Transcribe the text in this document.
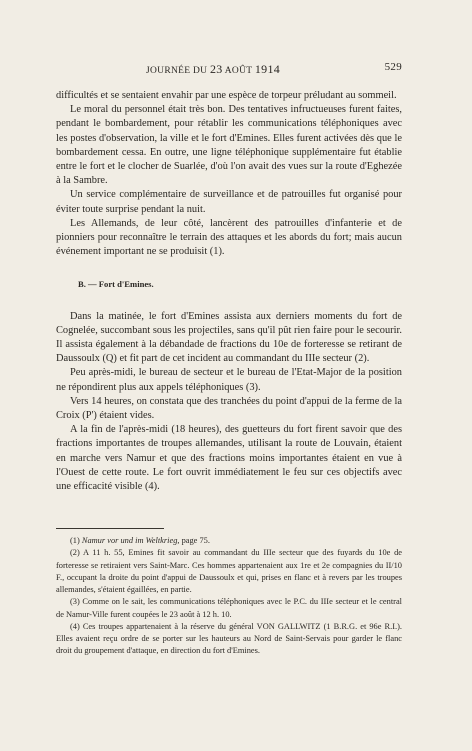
JOURNÉE DU 23 AOÛT 1914	529

difficultés et se sentaient envahir par une espèce de torpeur préludant au sommeil.

Le moral du personnel était très bon. Des tentatives infructueuses furent faites, pendant le bombardement, pour rétablir les communications téléphoniques avec les postes d'observation, la ville et le fort d'Emines. Elles furent activées dès que le bombardement cessa. En outre, une ligne téléphonique supplémentaire fut établie entre le fort et le clocher de Suarlée, d'où l'on avait des vues sur la route d'Eghezée à la Sambre.

Un service complémentaire de surveillance et de patrouilles fut organisé pour éviter toute surprise pendant la nuit.

Les Allemands, de leur côté, lancèrent des patrouilles d'infanterie et de pionniers pour reconnaître le terrain des attaques et les abords du fort; mais aucun événement important ne se produisit (1).

B. — Fort d'Emines.

Dans la matinée, le fort d'Emines assista aux derniers moments du fort de Cognelée, succombant sous les projectiles, sans qu'il pût rien faire pour le secourir. Il assista également à la débandade de fractions du 10e de forteresse se retirant de Daussoulx (Q) et fit part de cet incident au commandant du IIIe secteur (2).

Peu après-midi, le bureau de secteur et le bureau de l'Etat-Major de la position ne répondirent plus aux appels téléphoniques (3).

Vers 14 heures, on constata que des tranchées du point d'appui de la ferme de la Croix (P') étaient vides.

A la fin de l'après-midi (18 heures), des guetteurs du fort firent savoir que des fractions importantes de troupes allemandes, utilisant la route de Louvain, étaient en marche vers Namur et que des fractions moins importantes étaient en vue à l'Ouest de cette route. Le fort ouvrit immédiatement le feu sur ces objectifs avec une efficacité visible (4).

(1) Namur vor und im Weltkrieg, page 75.

(2) A 11 h. 55, Emines fit savoir au commandant du IIIe secteur que des fuyards du 10e de forteresse se retiraient vers Saint-Marc. Ces hommes appartenaient aux 1re et 2e compagnies du II/10 F., occupant la droite du point d'appui de Daussoulx et qui, prises en flanc et à revers par les troupes allemandes, s'étaient égaillées, en partie.

(3) Comme on le sait, les communications téléphoniques avec le P.C. du IIIe secteur et le central de Namur-Ville furent coupées le 23 août à 12 h. 10.

(4) Ces troupes appartenaient à la réserve du général VON GALLWITZ (1 B.R.G. et 96e R.I.). Elles avaient reçu ordre de se porter sur les hauteurs au Nord de Saint-Servais pour garder le flanc droit du groupement d'attaque, en direction du fort d'Emines.
